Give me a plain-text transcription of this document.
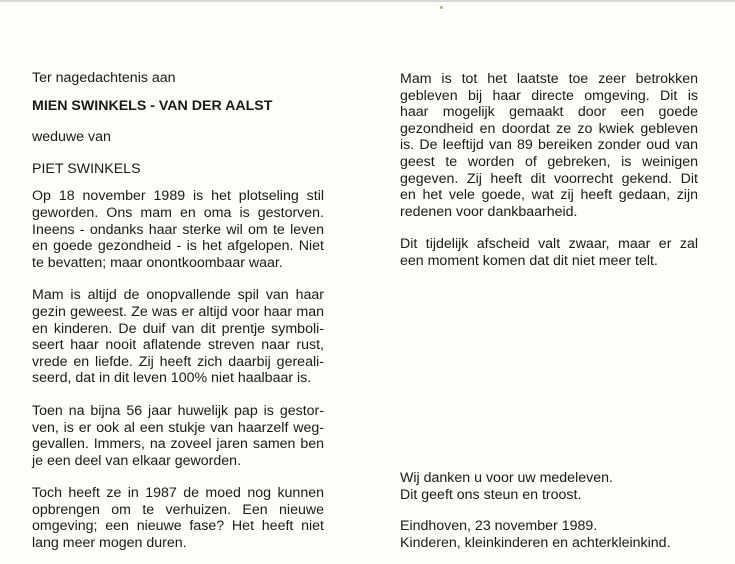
Ter nagedachtenis aan
MIEN SWINKELS - VAN DER AALST
weduwe van
PIET SWINKELS
Op 18 november 1989 is het plotseling stil
geworden. Ons mam en oma is gestorven.
Ineens - ondanks haar sterke wil om te leven
en goede gezondheid - is het afgelopen. Niet
te bevatten; maar onontkoombaar waar.
Mam is altijd de onopvallende spil van haar
gezin geweest. Ze was er altijd voor haar man
en kinderen. De duif van dit prentje symboli-
seert haar nooit aflatende streven naar rust,
vrede en liefde. Zij heeft zich daarbij gereali-
seerd, dat in dit leven 100% niet haalbaar is.
Toen na bijna 56 jaar huwelijk pap is gestor-
ven, is er ook al een stukje van haarzelf weg-
gevallen. Immers, na zoveel jaren samen ben
je een deel van elkaar geworden.
Toch heeft ze in 1987 de moed nog kunnen
opbrengen om te verhuizen. Een nieuwe
omgeving; een nieuwe fase? Het heeft niet
lang meer mogen duren.
Mam is tot het laatste toe zeer betrokken
gebleven bij haar directe omgeving. Dit is
haar mogelijk gemaakt door een goede
gezondheid en doordat ze zo kwiek gebleven
is. De leeftijd van 89 bereiken zonder oud van
geest te worden of gebreken, is weinigen
gegeven. Zij heeft dit voorrecht gekend. Dit
en het vele goede, wat zij heeft gedaan, zijn
redenen voor dankbaarheid.
Dit tijdelijk afscheid valt zwaar, maar er zal
een moment komen dat dit niet meer telt.
Wij danken u voor uw medeleven.
Dit geeft ons steun en troost.
Eindhoven, 23 november 1989.
Kinderen, kleinkinderen en achterkleinkind.
